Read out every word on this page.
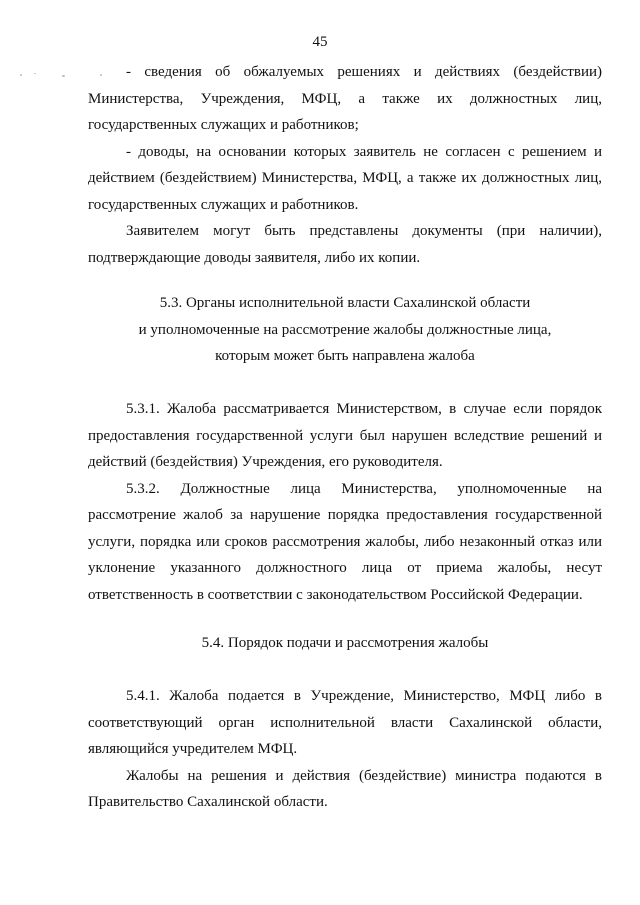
45

- сведения об обжалуемых решениях и действиях (бездействии) Министерства, Учреждения, МФЦ, а также их должностных лиц, государственных служащих и работников;

- доводы, на основании которых заявитель не согласен с решением и действием (бездействием) Министерства, МФЦ, а также их должностных лиц, государственных служащих и работников.

Заявителем могут быть представлены документы (при наличии), подтверждающие доводы заявителя, либо их копии.

5.3. Органы исполнительной власти Сахалинской области
и уполномоченные на рассмотрение жалобы должностные лица,
которым может быть направлена жалоба

5.3.1. Жалоба рассматривается Министерством, в случае если порядок предоставления государственной услуги был нарушен вследствие решений и действий (бездействия) Учреждения, его руководителя.

5.3.2. Должностные лица Министерства, уполномоченные на рассмотрение жалоб за нарушение порядка предоставления государственной услуги, порядка или сроков рассмотрения жалобы, либо незаконный отказ или уклонение указанного должностного лица от приема жалобы, несут ответственность в соответствии с законодательством Российской Федерации.

5.4. Порядок подачи и рассмотрения жалобы

5.4.1. Жалоба подается в Учреждение, Министерство, МФЦ либо в соответствующий орган исполнительной власти Сахалинской области, являющийся учредителем МФЦ.

Жалобы на решения и действия (бездействие) министра подаются в Правительство Сахалинской области.
